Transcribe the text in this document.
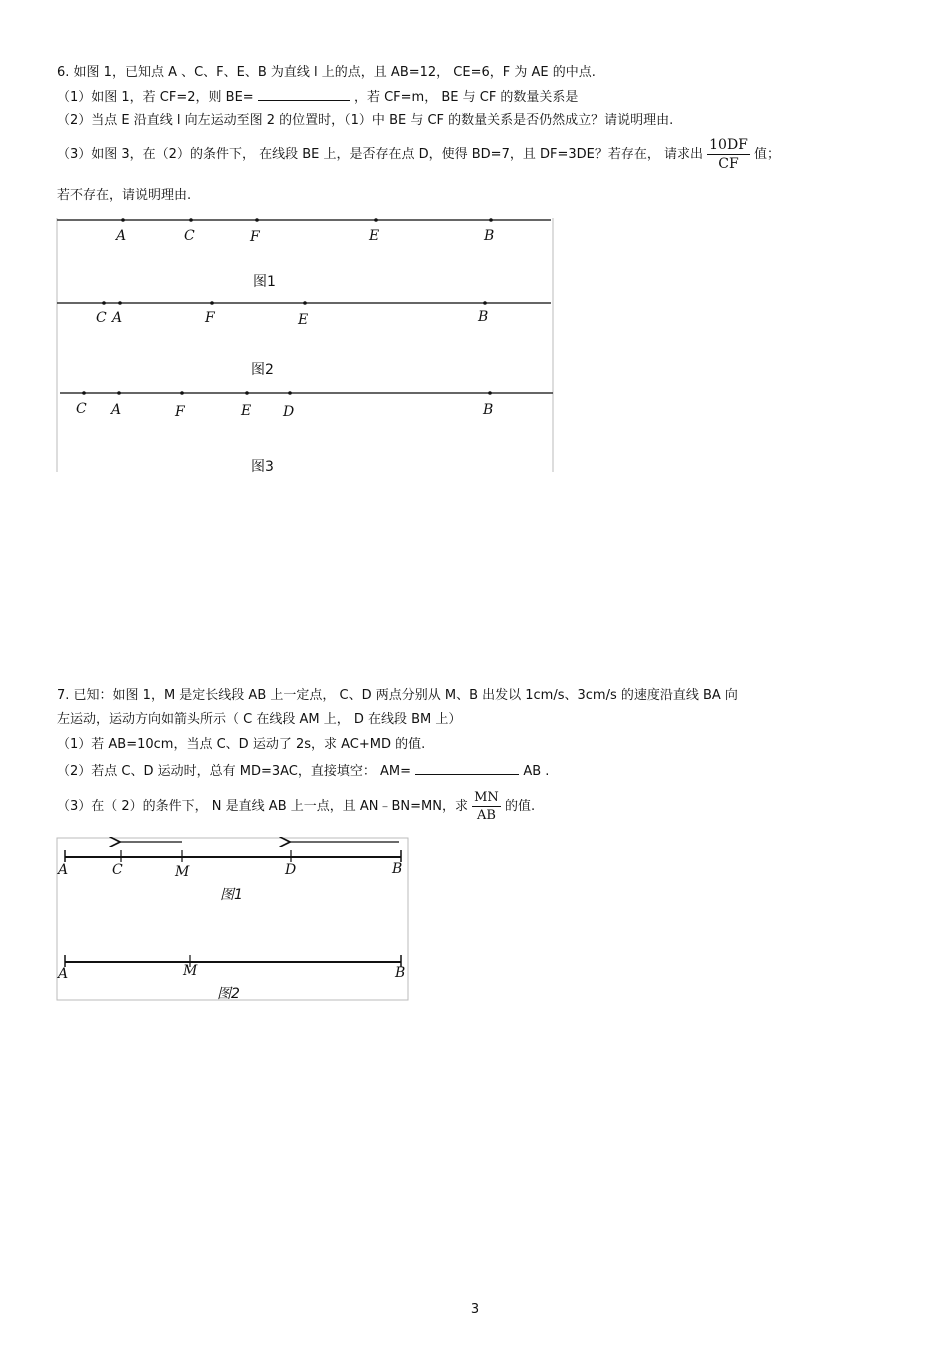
6. 如图 1，已知点 A 、C、F、E、B 为直线 l 上的点，且 AB=12， CE=6，F 为 AE 的中点.
（1）如图 1，若 CF=2，则 BE=	，若 CF=m， BE 与 CF 的数量关系是
（2）当点 E 沿直线 l 向左运动至图 2 的位置时，（1）中 BE 与 CF 的数量关系是否仍然成立？请说明理由.
（3）如图 3，在（2）的条件下， 在线段 BE 上，是否存在点 D，使得 BD=7，且 DF=3DE？若存在， 请求出 $\frac{10DF}{CF}$ 值；
若不存在，请说明理由.
A	C	F	E	B
图1
C A	F	E	B
图2
C A	F	E D	B
图3
7. 已知：如图 1，M 是定长线段 AB 上一定点， C、D 两点分别从 M、B 出发以 1cm/s、3cm/s 的速度沿直线 BA 向
左运动，运动方向如箭头所示（ C 在线段 AM 上， D 在线段 BM 上）
（1）若 AB=10cm，当点 C、D 运动了 2s，求 AC+MD 的值.
（2）若点 C、D 运动时，总有 MD=3AC，直接填空： AM=	AB .
（3）在（ 2）的条件下， N 是直线 AB 上一点，且 AN﹣BN=MN，求 $\frac{MN}{AB}$ 的值.
A	C	M	D	B
图1
A	M	B
图2
3
